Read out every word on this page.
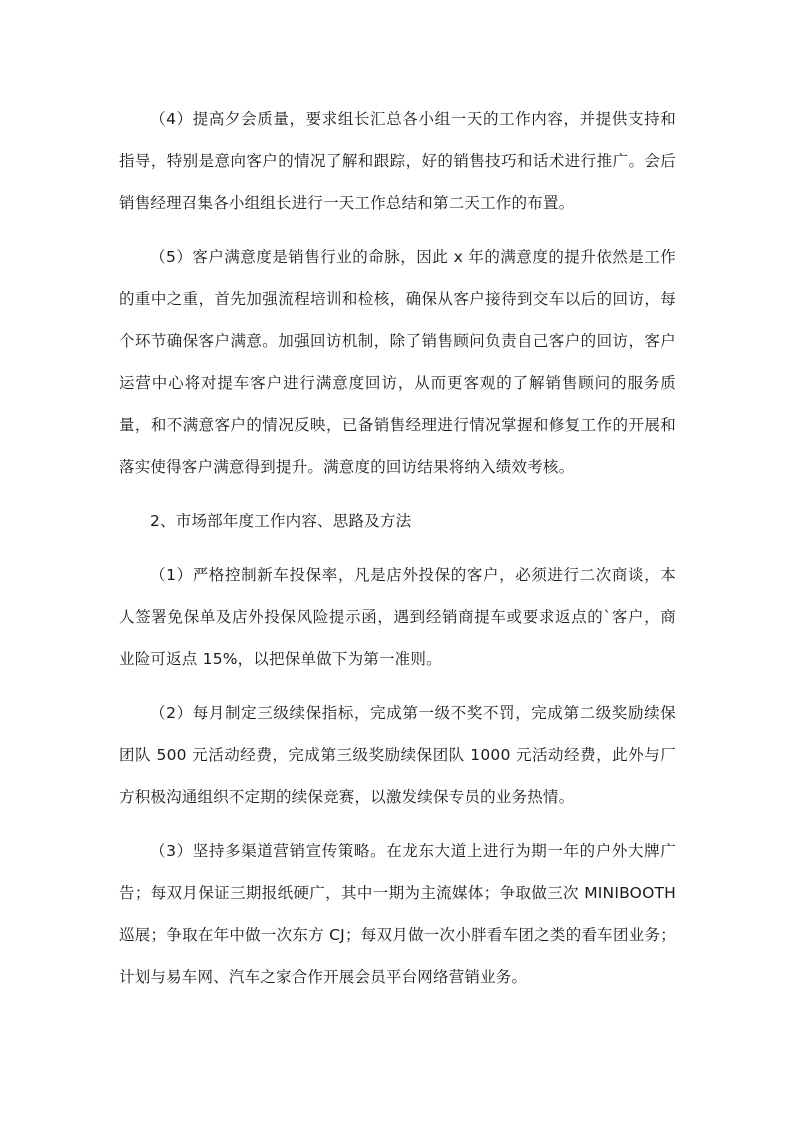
（4）提高夕会质量，要求组长汇总各小组一天的工作内容，并提供支持和指导，特别是意向客户的情况了解和跟踪，好的销售技巧和话术进行推广。会后销售经理召集各小组组长进行一天工作总结和第二天工作的布置。

（5）客户满意度是销售行业的命脉，因此 x 年的满意度的提升依然是工作的重中之重，首先加强流程培训和检核，确保从客户接待到交车以后的回访，每个环节确保客户满意。加强回访机制，除了销售顾问负责自己客户的回访，客户运营中心将对提车客户进行满意度回访，从而更客观的了解销售顾问的服务质量，和不满意客户的情况反映，已备销售经理进行情况掌握和修复工作的开展和落实使得客户满意得到提升。满意度的回访结果将纳入绩效考核。

2、市场部年度工作内容、思路及方法

（1）严格控制新车投保率，凡是店外投保的客户，必须进行二次商谈，本人签署免保单及店外投保风险提示函，遇到经销商提车或要求返点的`客户，商业险可返点 15%，以把保单做下为第一准则。

（2）每月制定三级续保指标，完成第一级不奖不罚，完成第二级奖励续保团队 500 元活动经费，完成第三级奖励续保团队 1000 元活动经费，此外与厂方积极沟通组织不定期的续保竞赛，以激发续保专员的业务热情。

（3）坚持多渠道营销宣传策略。在龙东大道上进行为期一年的户外大牌广告；每双月保证三期报纸硬广，其中一期为主流媒体；争取做三次 MINIBOOTH 巡展；争取在年中做一次东方 CJ；每双月做一次小胖看车团之类的看车团业务；计划与易车网、汽车之家合作开展会员平台网络营销业务。
